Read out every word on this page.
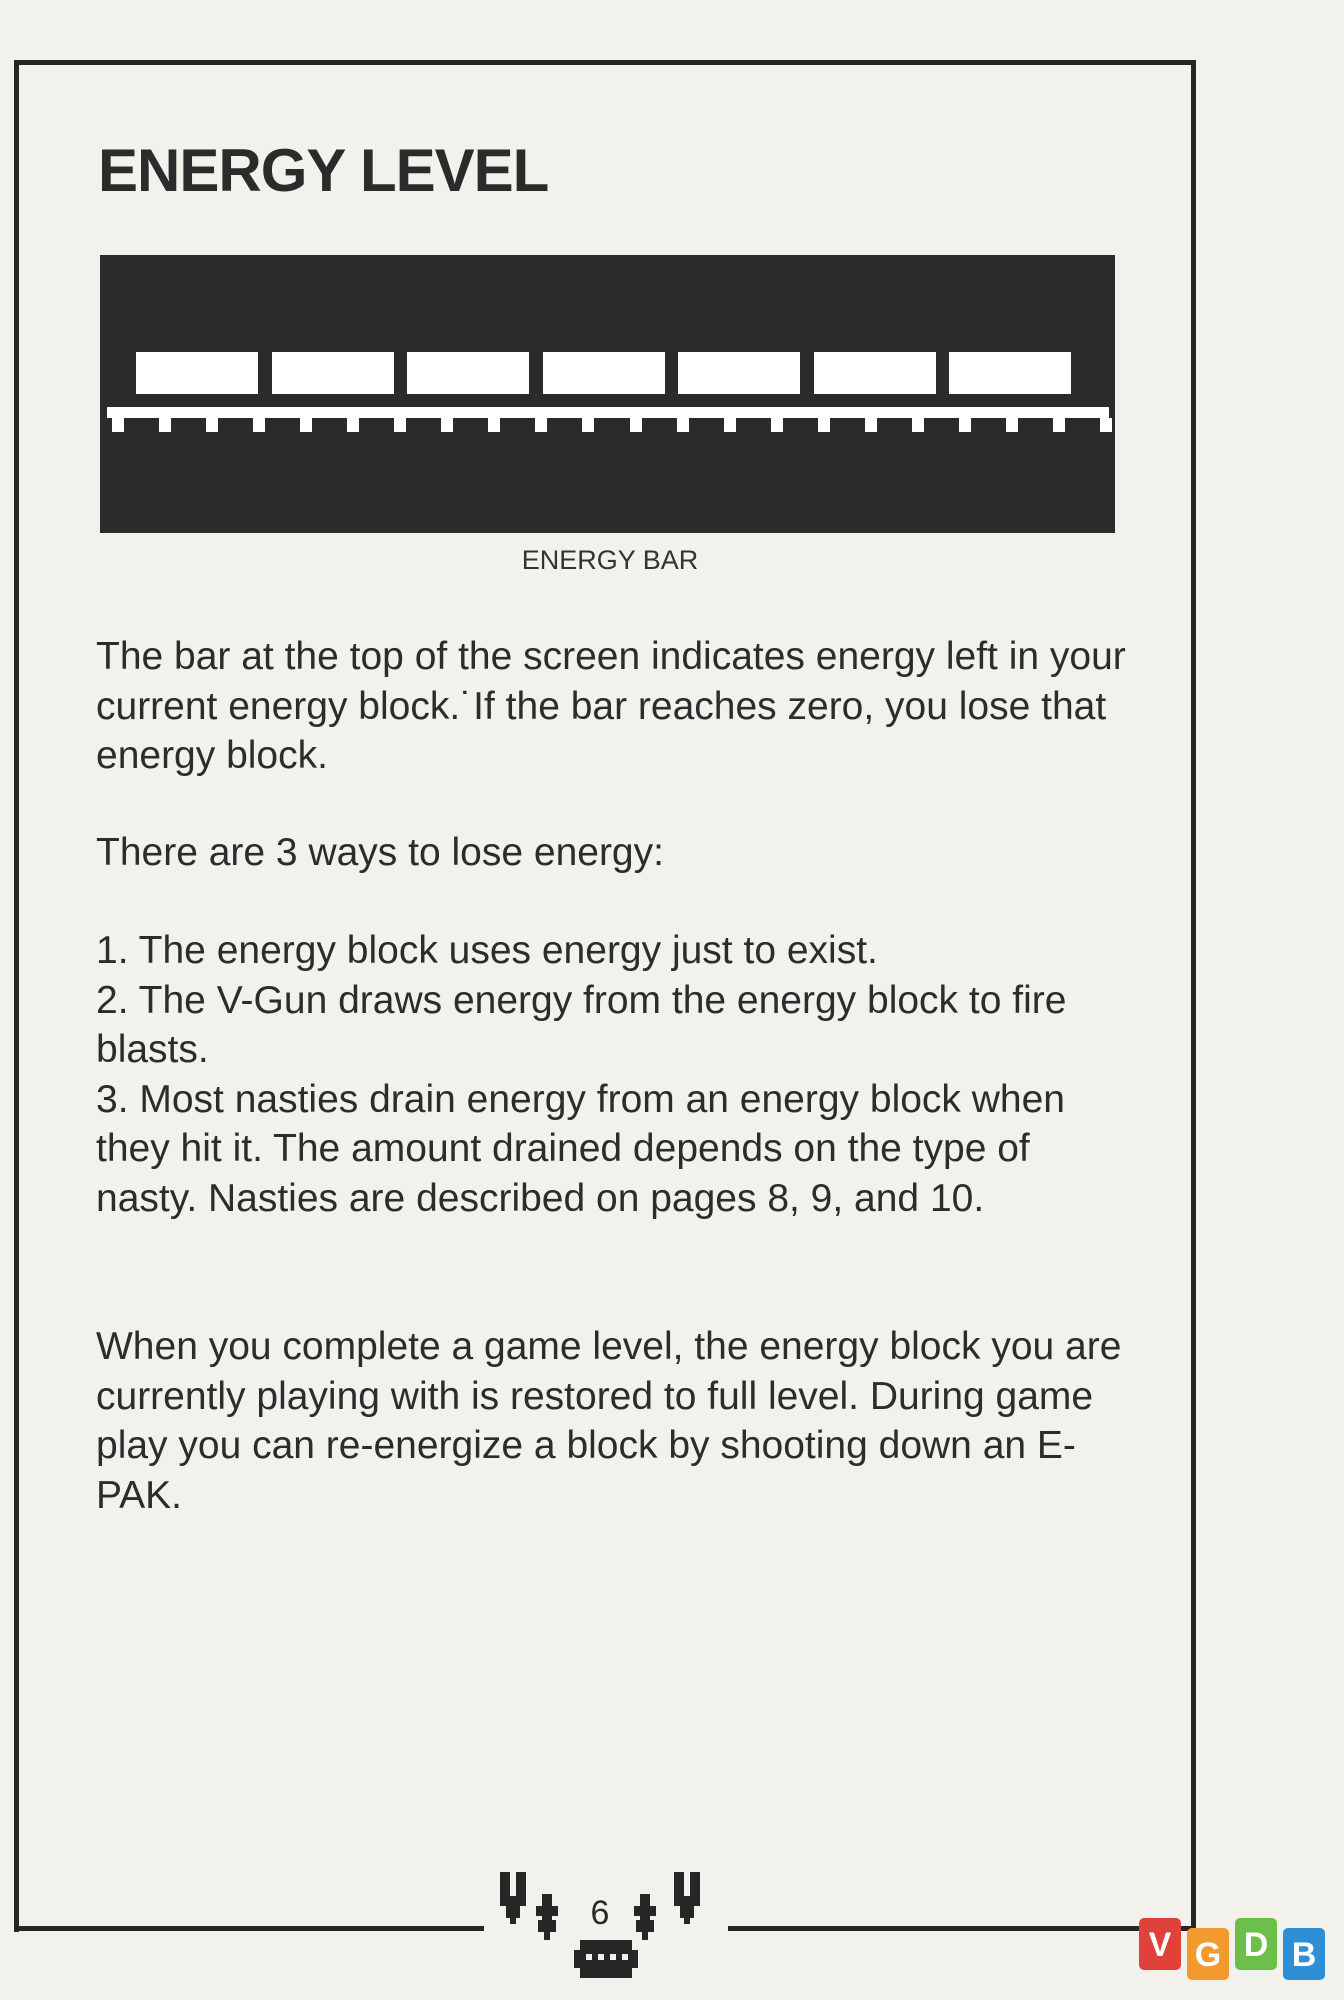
ENERGY LEVEL
ENERGY BAR

The bar at the top of the screen indicates energy left in your current energy block.˙If the bar reaches zero, you lose that energy block.

There are 3 ways to lose energy:

1. The energy block uses energy just to exist.
2. The V-Gun draws energy from the energy block to fire blasts.
3. Most nasties drain energy from an energy block when they hit it. The amount drained depends on the type of nasty. Nasties are described on pages 8, 9, and 10.

When you complete a game level, the energy block you are currently playing with is restored to full level. During game play you can re-energize a block by shooting down an E-PAK.

6
V G D B
